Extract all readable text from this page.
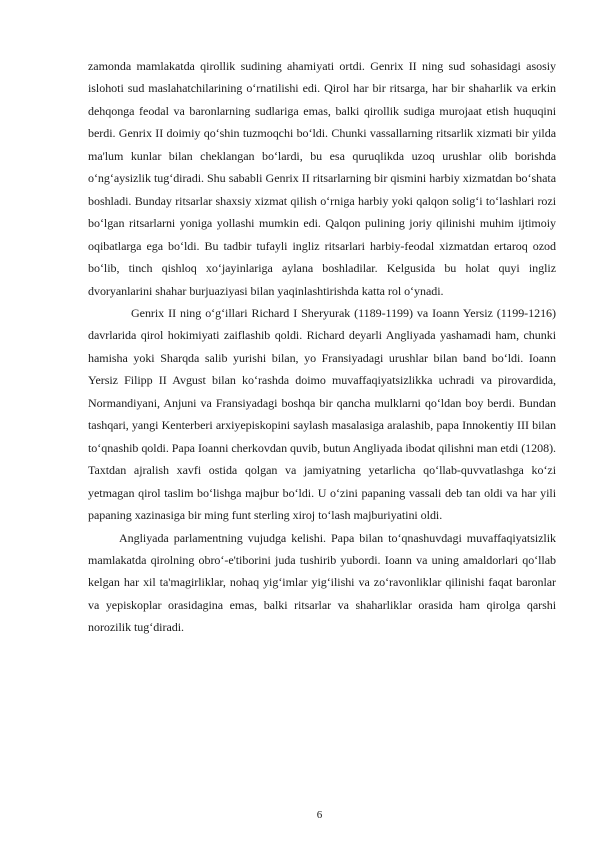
zamonda mamlakatda qirollik sudining ahamiyati ortdi. Genrix II ning sud sohasidagi asosiy islohoti sud maslahatchilarining o‘rnatilishi edi. Qirol har bir ritsarga, har bir shaharlik va erkin dehqonga feodal va baronlarning sudlariga emas, balki qirollik sudiga murojaat etish huquqini berdi. Genrix II doimiy qo‘shin tuzmoqchi bo‘ldi. Chunki vassallarning ritsarlik xizmati bir yilda ma'lum kunlar bilan cheklangan bo‘lardi, bu esa quruqlikda uzoq urushlar olib borishda o‘ng‘aysizlik tug‘diradi. Shu sababli Genrix II ritsarlarning bir qismini harbiy xizmatdan bo‘shata boshladi. Bunday ritsarlar shaxsiy xizmat qilish o‘rniga harbiy yoki qalqon solig‘i to‘lashlari rozi bo‘lgan ritsarlarni yoniga yollashi mumkin edi. Qalqon pulining joriy qilinishi muhim ijtimoiy oqibatlarga ega bo‘ldi. Bu tadbir tufayli ingliz ritsarlari harbiy-feodal xizmatdan ertaroq ozod bo‘lib, tinch qishloq xo‘jayinlariga aylana boshladilar. Kelgusida bu holat quyi ingliz dvoryanlarini shahar burjuaziyasi bilan yaqinlashtirishda katta rol o‘ynadi.

Genrix II ning o‘g‘illari Richard I Sheryurak (1189-1199) va Ioann Yersiz (1199-1216) davrlarida qirol hokimiyati zaiflashib qoldi. Richard deyarli Angliyada yashamadi ham, chunki hamisha yoki Sharqda salib yurishi bilan, yo Fransiyadagi urushlar bilan band bo‘ldi. Ioann Yersiz Filipp II Avgust bilan ko‘rashda doimo muvaffaqiyatsizlikka uchradi va pirovardida, Normandiyani, Anjuni va Fransiyadagi boshqa bir qancha mulklarni qo‘ldan boy berdi. Bundan tashqari, yangi Kenterberi arxiyepiskopini saylash masalasiga aralashib, papa Innokentiy III bilan to‘qnashib qoldi. Papa Ioanni cherkovdan quvib, butun Angliyada ibodat qilishni man etdi (1208). Taxtdan ajralish xavfi ostida qolgan va jamiyatning yetarlicha qo‘llab-quvvatlashga ko‘zi yetmagan qirol taslim bo‘lishga majbur bo‘ldi. U o‘zini papaning vassali deb tan oldi va har yili papaning xazinasiga bir ming funt sterling xiroj to‘lash majburiyatini oldi.

Angliyada parlamentning vujudga kelishi. Papa bilan to‘qnashuvdagi muvaffaqiyatsizlik mamlakatda qirolning obro‘-e'tiborini juda tushirib yubordi. Ioann va uning amaldorlari qo‘llab kelgan har xil ta'magirliklar, nohaq yig‘imlar yig‘ilishi va zo‘ravonliklar qilinishi faqat baronlar va yepiskoplar orasidagina emas, balki ritsarlar va shaharliklar orasida ham qirolga qarshi norozilik tug‘diradi.

6
